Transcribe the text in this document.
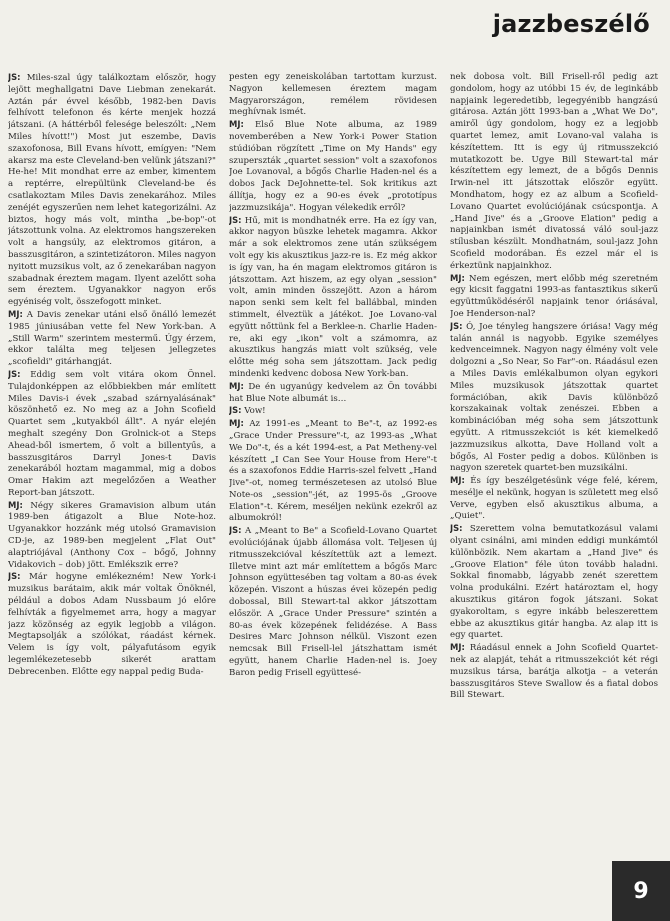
jazzbeszélő

JS: Miles-szal úgy találkoztam először, hogy lejött meghallgatni Dave Liebman zenekarát. Aztán pár évvel később, 1982-ben Davis felhívott telefonon és kérte menjek hozzá játszani. (A háttérből felesége beleszólt: „Nem Miles hívott!") Most jut eszembe, Davis szaxofonosa, Bill Evans hívott, emígyen: "Nem akarsz ma este Cleveland-ben velünk játszani?" He-he! Mit mondhat erre az ember, kimentem a reptérre, elrepültünk Cleveland-be és csatlakoztam Miles Davis zenekarához. Miles zenéjét egyszerűen nem lehet kategorizálni. Az biztos, hogy más volt, mintha „be-bop"-ot játszottunk volna. Az elektromos hangszereken volt a hangsúly, az elektromos gitáron, a basszusgitáron, a szintetizátoron. Miles nagyon nyitott muzsikus volt, az ő zenekarában nagyon szabadnak éreztem magam. Ilyent azelőtt soha sem éreztem. Ugyanakkor nagyon erős egyéniség volt, összefogott minket.

MJ: A Davis zenekar utáni első önálló lemezét 1985 júniusában vette fel New York-ban. A „Still Warm" szerintem mestermű. Úgy érzem, ekkor találta meg teljesen jellegzetes „scofieldi" gitárhangját.

JS: Eddig sem volt vitára okom Önnel. Tulajdonképpen az előbbiekben már említett Miles Davis-i évek „szabad szárnyalásának" köszönhető ez. No meg az a John Scofield Quartet sem „kutyakból állt". A nyár elején meghalt szegény Don Grolnick-ot a Steps Ahead-ből ismertem, ő volt a billentyűs, a basszusgitáros Darryl Jones-t Davis zenekarából hoztam magammal, mig a dobos Omar Hakim azt megelőzően a Weather Report-ban játszott.

MJ: Négy sikeres Gramavision album után 1989-ben átigazolt a Blue Note-hoz. Ugyanakkor hozzánk még utolsó Gramavision CD-je, az 1989-ben megjelent „Flat Out" alaptriójával (Anthony Cox – bőgő, Johnny Vidakovich – dob) jött. Emlékszik erre?

JS: Már hogyne emlékezném! New York-i muzsikus barátaim, akik már voltak Önöknél, például a dobos Adam Nussbaum jó előre felhívták a figyelmemet arra, hogy a magyar jazz közönség az egyik legjobb a világon. Megtapsolják a szólókat, ráadást kérnek. Velem is így volt, pályafutásom egyik legemlékezetesebb sikerét arattam Debrecenben. Előtte egy nappal pedig Buda-

pesten egy zeneiskolában tartottam kurzust. Nagyon kellemesen éreztem magam Magyarországon, remélem rövidesen meghívnak ismét.

MJ: Első Blue Note albuma, az 1989 novemberében a New York-i Power Station stúdióban rögzített „Time on My Hands" egy szuperszták „quartet session" volt a szaxofonos Joe Lovanoval, a bőgős Charlie Haden-nel és a dobos Jack DeJohnette-tel. Sok kritikus azt állítja, hogy ez a 90-es évek „prototípus jazzmuzsikája". Hogyan vélekedik erről?

JS: Hű, mit is mondhatnék erre. Ha ez így van, akkor nagyon büszke lehetek magamra. Akkor már a sok elektromos zene után szükségem volt egy kis akusztikus jazz-re is. Ez még akkor is így van, ha én magam elektromos gitáron is játszottam. Azt hiszem, az egy olyan „session" volt, amin minden összejött. Azon a három napon senki sem kelt fel ballábbal, minden stimmelt, élveztük a játékot. Joe Lovano-val együtt nőttünk fel a Berklee-n. Charlie Haden-re, aki egy „ikon" volt a számomra, az akusztikus hangzás miatt volt szükség, vele előtte még soha sem játszottam. Jack pedig mindenki kedvenc dobosa New York-ban.

MJ: De én ugyanúgy kedvelem az Ön további hat Blue Note albumát is…

JS: Vow!

MJ: Az 1991-es „Meant to Be"-t, az 1992-es „Grace Under Pressure"-t, az 1993-as „What We Do"-t, és a két 1994-est, a Pat Metheny-vel készített „I Can See Your House from Here"-t és a szaxofonos Eddie Harris-szel felvett „Hand Jive"-ot, nomeg természetesen az utolsó Blue Note-os „session"-jét, az 1995-ös „Groove Elation"-t. Kérem, meséljen nekünk ezekről az albumokról!

JS: A „Meant to Be" a Scofield-Lovano Quartet evolúciójának újabb állomása volt. Teljesen új ritmusszekcióval készítettük azt a lemezt. Illetve mint azt már említettem a bőgős Marc Johnson együttesében tag voltam a 80-as évek közepén. Viszont a húszas évei közepén pedig dobossal, Bill Stewart-tal akkor játszottam először. A „Grace Under Pressure" szintén a 80-as évek közepének felidézése. A Bass Desires Marc Johnson nélkül. Viszont ezen nemcsak Bill Frisell-lel játszhattam ismét együtt, hanem Charlie Haden-nel is. Joey Baron pedig Frisell együttesé-

nek dobosa volt. Bill Frisell-ről pedig azt gondolom, hogy az utóbbi 15 év, de leginkább napjaink legeredetibb, legegyénibb hangzású gitárosa. Aztán jött 1993-ban a „What We Do", amiről úgy gondolom, hogy ez a legjobb quartet lemez, amit Lovano-val valaha is készítettem. Itt is egy új ritmusszekció mutatkozott be. Ugye Bill Stewart-tal már készítettem egy lemezt, de a bőgős Dennis Irwin-nel itt játszottak először együtt. Mondhatom, hogy ez az album a Scofield-Lovano Quartet evolúciójának csúcspontja. A „Hand Jive" és a „Groove Elation" pedig a napjainkban ismét divatossá váló soul-jazz stílusban készült. Mondhatnám, soul-jazz John Scofield modorában. És ezzel már el is érkeztünk napjainkhoz.

MJ: Nem egészen, mert előbb még szeretném egy kicsit faggatni 1993-as fantasztikus sikerű együttműködéséről napjaink tenor óriásával, Joe Henderson-nal?

JS: Ó, Joe tényleg hangszere óriása! Vagy még talán annál is nagyobb. Egyike személyes kedvenceimnek. Nagyon nagy élmény volt vele dolgozni a „So Near, So Far"-on. Ráadásul ezen a Miles Davis emlékalbumon olyan egykori Miles muzsikusok játszottak quartet formációban, akik Davis különböző korszakainak voltak zenészei. Ebben a kombinációban még soha sem játszottunk együtt. A ritmusszekciót is két kiemelkedő jazzmuzsikus alkotta, Dave Holland volt a bőgős, Al Foster pedig a dobos. Különben is nagyon szeretek quartet-ben muzsikálni.

MJ: És így beszélgetésünk vége felé, kérem, mesélje el nekünk, hogyan is született meg első Verve, egyben első akusztikus albuma, a „Quiet".

JS: Szerettem volna bemutatkozásul valami olyant csinálni, ami minden eddigi munkámtól különbözik. Nem akartam a „Hand Jive" és „Groove Elation" féle úton tovább haladni. Sokkal finomabb, lágyabb zenét szerettem volna produkálni. Ezért határoztam el, hogy akusztikus gitáron fogok játszani. Sokat gyakoroltam, s egyre inkább beleszerettem ebbe az akusztikus gitár hangba. Az alap itt is egy quartet.

MJ: Ráadásul ennek a John Scofield Quartet-nek az alapját, tehát a ritmusszekciót két régi muzsikus társa, barátja alkotja – a veterán basszusgitáros Steve Swallow és a fiatal dobos Bill Stewart.

9
